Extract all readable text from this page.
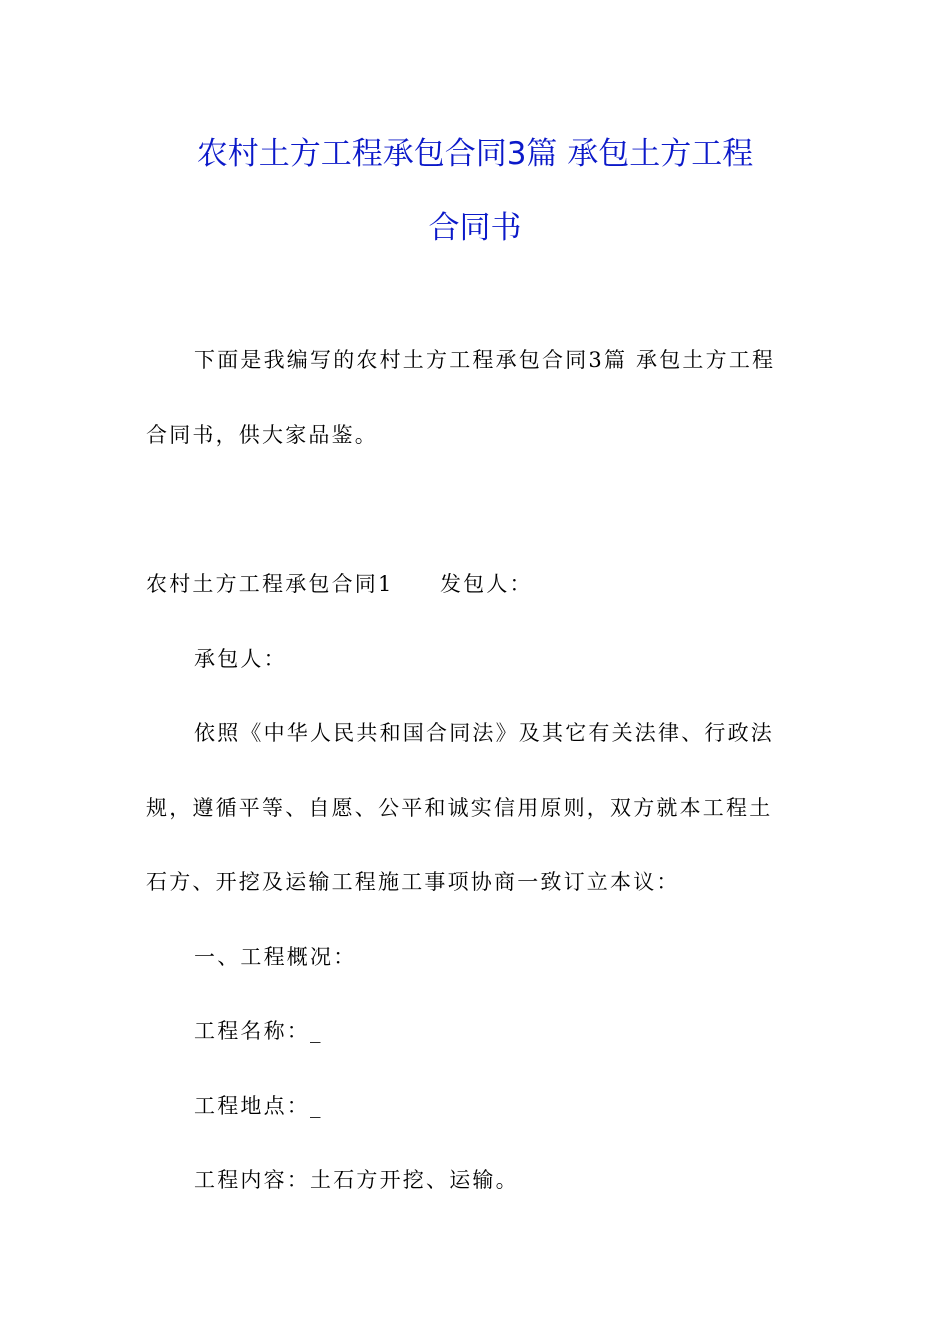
农村土方工程承包合同3篇 承包土方工程
合同书
下面是我编写的农村土方工程承包合同3篇 承包土方工程
合同书，供大家品鉴。
农村土方工程承包合同1　　发包人：
承包人：
依照《中华人民共和国合同法》及其它有关法律、行政法
规，遵循平等、自愿、公平和诚实信用原则，双方就本工程土
石方、开挖及运输工程施工事项协商一致订立本议：
一、工程概况：
工程名称：_
工程地点：_
工程内容：土石方开挖、运输。
